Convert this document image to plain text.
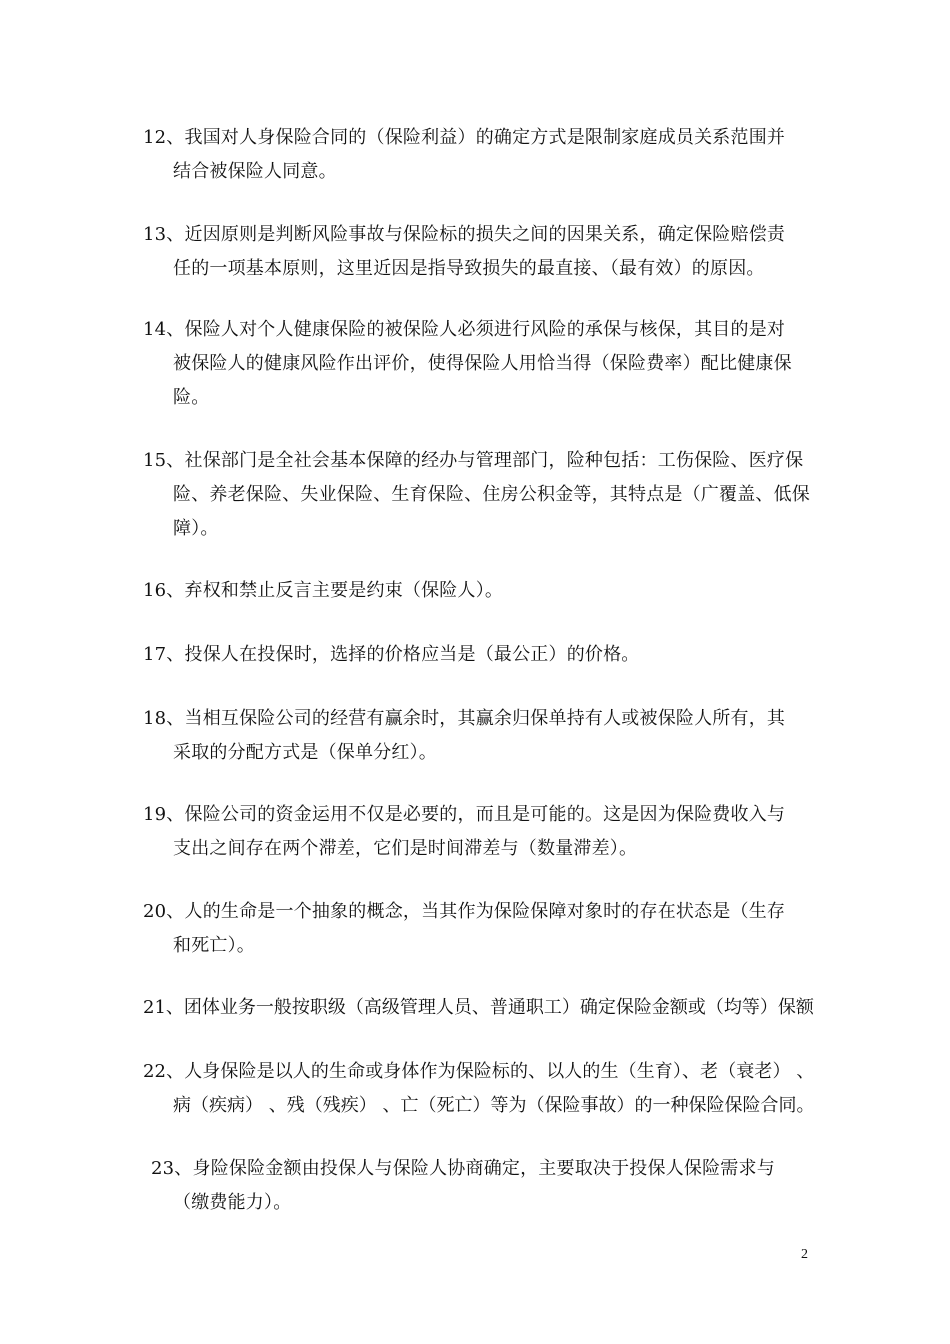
12、我国对人身保险合同的（保险利益）的确定方式是限制家庭成员关系范围并
结合被保险人同意。
13、近因原则是判断风险事故与保险标的损失之间的因果关系，确定保险赔偿责
任的一项基本原则，这里近因是指导致损失的最直接、（最有效）的原因。
14、保险人对个人健康保险的被保险人必须进行风险的承保与核保，其目的是对
被保险人的健康风险作出评价，使得保险人用恰当得（保险费率）配比健康保
险。
15、社保部门是全社会基本保障的经办与管理部门，险种包括：工伤保险、医疗保
险、养老保险、失业保险、生育保险、住房公积金等，其特点是（广覆盖、低保
障）。
16、弃权和禁止反言主要是约束（保险人）。
17、投保人在投保时，选择的价格应当是（最公正）的价格。
18、当相互保险公司的经营有赢余时，其赢余归保单持有人或被保险人所有，其
采取的分配方式是（保单分红）。
19、保险公司的资金运用不仅是必要的，而且是可能的。这是因为保险费收入与
支出之间存在两个滞差，它们是时间滞差与（数量滞差）。
20、人的生命是一个抽象的概念，当其作为保险保障对象时的存在状态是（生存
和死亡）。
21、团体业务一般按职级（高级管理人员、普通职工）确定保险金额或（均等）保额
22、人身保险是以人的生命或身体作为保险标的、以人的生（生育）、老（衰老） 、
病（疾病） 、残（残疾） 、亡（死亡）等为（保险事故）的一种保险保险合同。
23、身险保险金额由投保人与保险人协商确定，主要取决于投保人保险需求与
（缴费能力）。
2
